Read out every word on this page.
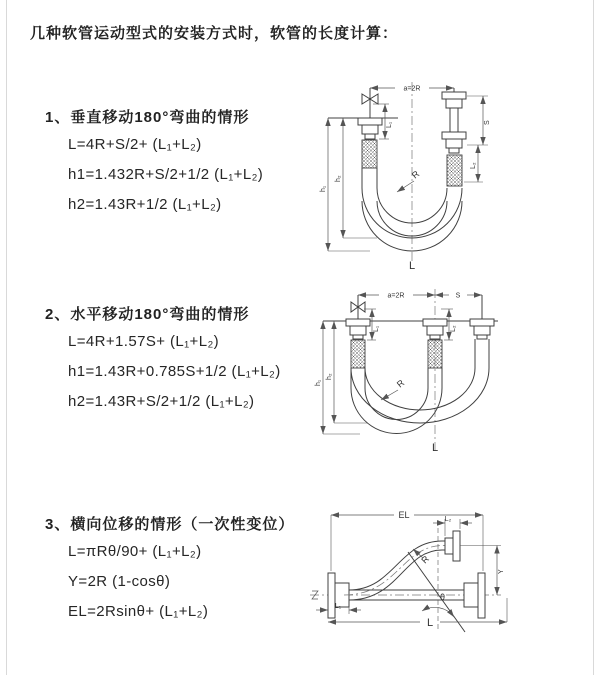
几种软管运动型式的安装方式时，软管的长度计算：
1、垂直移动180°弯曲的情形
L=4R+S/2+ (L₁+L₂)
h1=1.432R+S/2+1/2 (L₁+L₂)
h2=1.43R+1/2 (L₁+L₂)
2、水平移动180°弯曲的情形
L=4R+1.57S+ (L₁+L₂)
h1=1.43R+0.785S+1/2 (L₁+L₂)
h2=1.43R+S/2+1/2 (L₁+L₂)
3、横向位移的情形（一次性变位）
L=πRθ/90+ (L₁+L₂)
Y=2R (1-cosθ)
EL=2Rsinθ+ (L₁+L₂)
a=2R
L₁
R
h₁
h₂
S
L₂
L
a=2R	S
R
h₁
h₂
L₁	L₂
L
EL	L₂
Y
θ
R
L₁
L
